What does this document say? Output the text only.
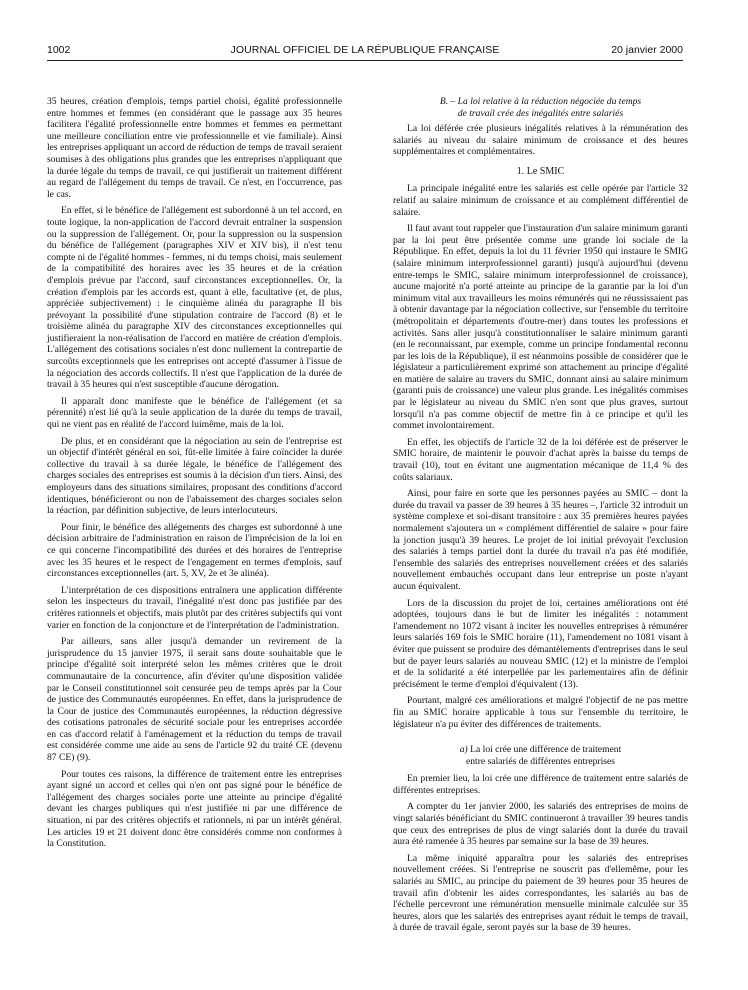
1002	JOURNAL OFFICIEL DE LA RÉPUBLIQUE FRANÇAISE	20 janvier 2000

35 heures, création d'emplois, temps partiel choisi, égalité professionnelle entre hommes et femmes (en considérant que le passage aux 35 heures facilitera l'égalité professionnelle entre hommes et femmes en permettant une meilleure conciliation entre vie professionnelle et vie familiale). Ainsi les entreprises appliquant un accord de réduction de temps de travail seraient soumises à des obligations plus grandes que les entreprises n'appliquant que la durée légale du temps de travail, ce qui justifierait un traitement différent au regard de l'allégement du temps de travail. Ce n'est, en l'occurrence, pas le cas.

En effet, si le bénéfice de l'allégement est subordonné à un tel accord, en toute logique, la non-application de l'accord devrait entraîner la suspension ou la suppression de l'allégement. Or, pour la suppression ou la suspension du bénéfice de l'allégement (paragraphes XIV et XIV bis), il n'est tenu compte ni de l'égalité hommes - femmes, ni du temps choisi, mais seulement de la compatibilité des horaires avec les 35 heures et de la création d'emplois prévue par l'accord, sauf circonstances exceptionnelles. Or, la création d'emplois par les accords est, quant à elle, facultative (et, de plus, appréciée subjectivement) : le cinquième alinéa du paragraphe II bis prévoyant la possibilité d'une stipulation contraire de l'accord (8) et le troisième alinéa du paragraphe XIV des circonstances exceptionnelles qui justifieraient la non-réalisation de l'accord en matière de création d'emplois. L'allégement des cotisations sociales n'est donc nullement la contrepartie de surcoûts exceptionnels que les entreprises ont accepté d'assumer à l'issue de la négociation des accords collectifs. Il n'est que l'application de la durée de travail à 35 heures qui n'est susceptible d'aucune dérogation.

Il apparaît donc manifeste que le bénéfice de l'allégement (et sa pérennité) n'est lié qu'à la seule application de la durée du temps de travail, qui ne vient pas en réalité de l'accord luimême, mais de la loi.

De plus, et en considérant que la négociation au sein de l'entreprise est un objectif d'intérêt général en soi, fût-elle limitée à faire coïncider la durée collective du travail à sa durée légale, le bénéfice de l'allégement des charges sociales des entreprises est soumis à la décision d'un tiers. Ainsi, des employeurs dans des situations similaires, proposant des conditions d'accord identiques, bénéficieront ou non de l'abaissement des charges sociales selon la réaction, par définition subjective, de leurs interlocuteurs.

Pour finir, le bénéfice des allégements des charges est subordonné à une décision arbitraire de l'administration en raison de l'imprécision de la loi en ce qui concerne l'incompatibilité des durées et des horaires de l'entreprise avec les 35 heures et le respect de l'engagement en termes d'emplois, sauf circonstances exceptionnelles (art. 5, XV, 2e et 3e alinéa).

L'interprétation de ces dispositions entraînera une application différente selon les inspecteurs du travail, l'inégalité n'est donc pas justifiée par des critères rationnels et objectifs, mais plutôt par des critères subjectifs qui vont varier en fonction de la conjoncture et de l'interprétation de l'administration.

Par ailleurs, sans aller jusqu'à demander un revirement de la jurisprudence du 15 janvier 1975, il serait sans doute souhaitable que le principe d'égalité soit interprété selon les mêmes critères que le droit communautaire de la concurrence, afin d'éviter qu'une disposition validée par le Conseil constitutionnel soit censurée peu de temps après par la Cour de justice des Communautés européennes. En effet, dans la jurisprudence de la Cour de justice des Communautés européennes, la réduction dégressive des cotisations patronales de sécurité sociale pour les entreprises accordée en cas d'accord relatif à l'aménagement et la réduction du temps de travail est considérée comme une aide au sens de l'article 92 du traité CE (devenu 87 CE) (9).

Pour toutes ces raisons, la différence de traitement entre les entreprises ayant signé un accord et celles qui n'en ont pas signé pour le bénéfice de l'allégement des charges sociales porte une atteinte au principe d'égalité devant les charges publiques qui n'est justifiée ni par une différence de situation, ni par des critères objectifs et rationnels, ni par un intérêt général. Les articles 19 et 21 doivent donc être considérés comme non conformes à la Constitution.

B. – La loi relative à la réduction négociée du temps
de travail crée des inégalités entre salariés

La loi déférée crée plusieurs inégalités relatives à la rémunération des salariés au niveau du salaire minimum de croissance et des heures supplémentaires et complémentaires.

1. Le SMIC

La principale inégalité entre les salariés est celle opérée par l'article 32 relatif au salaire minimum de croissance et au complément différentiel de salaire.

Il faut avant tout rappeler que l'instauration d'un salaire minimum garanti par la loi peut être présentée comme une grande loi sociale de la République. En effet, depuis la loi du 11 février 1950 qui instaure le SMIG (salaire minimum interprofessionnel garanti) jusqu'à aujourd'hui (devenu entre-temps le SMIC, salaire minimum interprofessionnel de croissance), aucune majorité n'a porté atteinte au principe de la garantie par la loi d'un minimum vital aux travailleurs les moins rémunérés qui ne réussissaient pas à obtenir davantage par la négociation collective, sur l'ensemble du territoire (métropolitain et départements d'outre-mer) dans toutes les professions et activités. Sans aller jusqu'à constitutionnaliser le salaire minimum garanti (en le reconnaissant, par exemple, comme un principe fondamental reconnu par les lois de la République), il est néanmoins possible de considérer que le législateur a particulièrement exprimé son attachement au principe d'égalité en matière de salaire au travers du SMIC, donnant ainsi au salaire minimum (garanti puis de croissance) une valeur plus grande. Les inégalités commises par le législateur au niveau du SMIC n'en sont que plus graves, surtout lorsqu'il n'a pas comme objectif de mettre fin à ce principe et qu'il les commet involontairement.

En effet, les objectifs de l'article 32 de la loi déférée est de préserver le SMIC horaire, de maintenir le pouvoir d'achat après la baisse du temps de travail (10), tout en évitant une augmentation mécanique de 11,4 % des coûts salariaux.

Ainsi, pour faire en sorte que les personnes payées au SMIC – dont la durée du travail va passer de 39 heures à 35 heures –, l'article 32 introduit un système complexe et soi-disant transitoire : aux 35 premières heures payées normalement s'ajoutera un « complément différentiel de salaire » pour faire la jonction jusqu'à 39 heures. Le projet de loi initial prévoyait l'exclusion des salariés à temps partiel dont la durée du travail n'a pas été modifiée, l'ensemble des salariés des entreprises nouvellement créées et des salariés nouvellement embauchés occupant dans leur entreprise un poste n'ayant aucun équivalent.

Lors de la discussion du projet de loi, certaines améliorations ont été adoptées, toujours dans le but de limiter les inégalités : notamment l'amendement no 1072 visant à inciter les nouvelles entreprises à rémunérer leurs salariés 169 fois le SMIC horaire (11), l'amendement no 1081 visant à éviter que puissent se produire des démantèlements d'entreprises dans le seul but de payer leurs salariés au nouveau SMIC (12) et la ministre de l'emploi et de la solidarité a été interpellée par les parlementaires afin de définir précisément le terme d'emploi d'équivalent (13).

Pourtant, malgré ces améliorations et malgré l'objectif de ne pas mettre fin au SMIC horaire applicable à tous sur l'ensemble du territoire, le législateur n'a pu éviter des différences de traitements.

a) La loi crée une différence de traitement
entre salariés de différentes entreprises

En premier lieu, la loi crée une différence de traitement entre salariés de différentes entreprises.

A compter du 1er janvier 2000, les salariés des entreprises de moins de vingt salariés bénéficiant du SMIC continueront à travailler 39 heures tandis que ceux des entreprises de plus de vingt salariés dont la durée du travail aura été ramenée à 35 heures par semaine sur la base de 39 heures.

La même iniquité apparaîtra pour les salariés des entreprises nouvellement créées. Si l'entreprise ne souscrit pas d'ellemême, pour les salariés au SMIC, au principe du paiement de 39 heures pour 35 heures de travail afin d'obtenir les aides correspondantes, les salariés au bas de l'échelle percevront une rémunération mensuelle minimale calculée sur 35 heures, alors que les salariés des entreprises ayant réduit le temps de travail, à durée de travail égale, seront payés sur la base de 39 heures.
